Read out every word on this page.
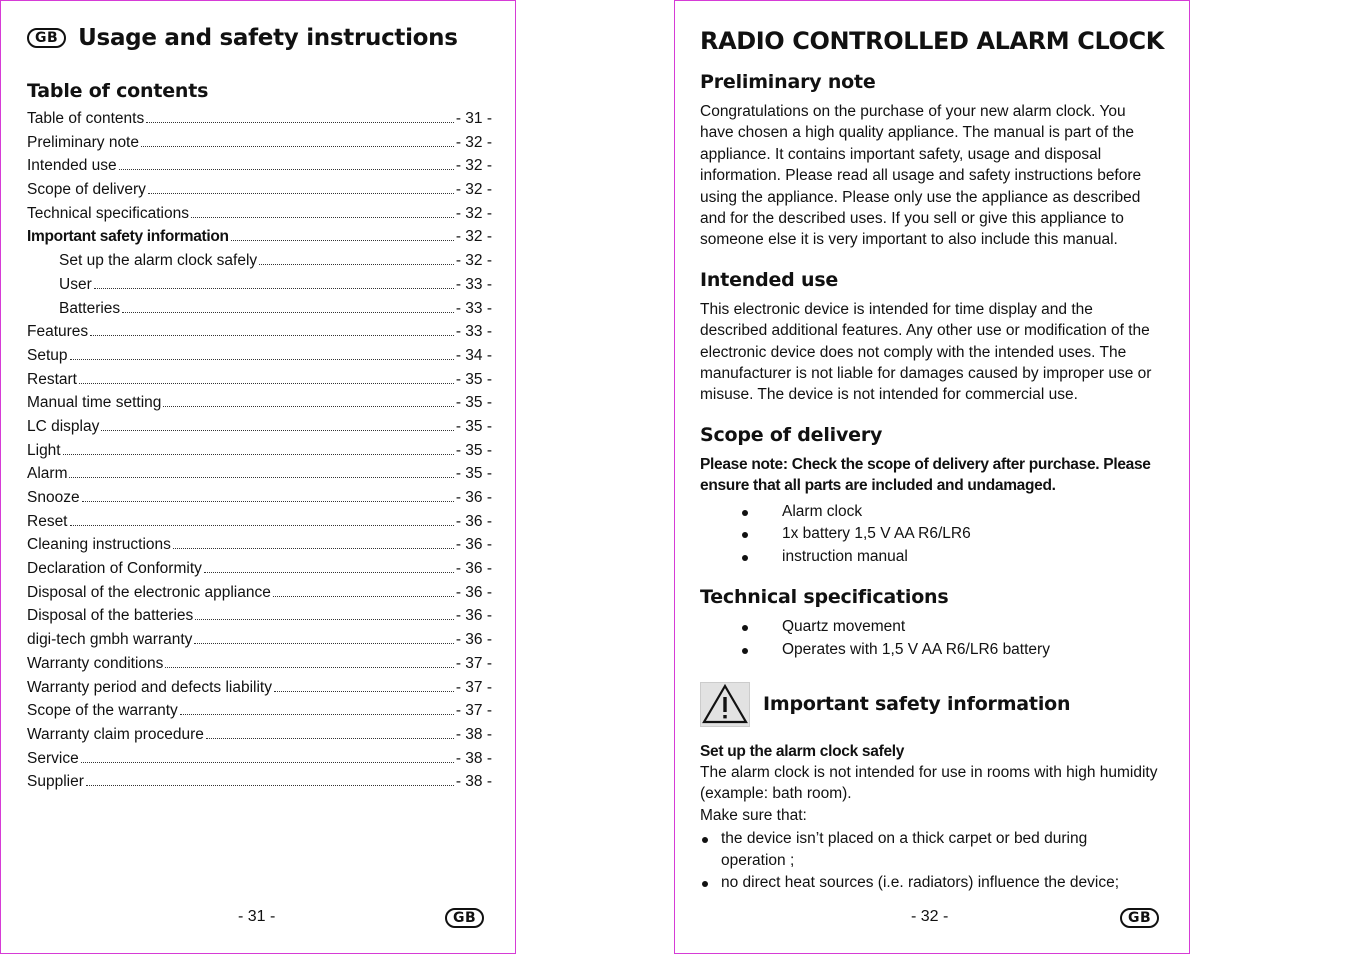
GB Usage and safety instructions
Table of contents
Table of contents	- 31 -
Preliminary note	- 32 -
Intended use	- 32 -
Scope of delivery	- 32 -
Technical specifications	- 32 -
Important safety information	- 32 -
Set up the alarm clock safely	- 32 -
User	- 33 -
Batteries	- 33 -
Features	- 33 -
Setup	- 34 -
Restart	- 35 -
Manual time setting	- 35 -
LC display	- 35 -
Light	- 35 -
Alarm	- 35 -
Snooze	- 36 -
Reset	- 36 -
Cleaning instructions	- 36 -
Declaration of Conformity	- 36 -
Disposal of the electronic appliance	- 36 -
Disposal of the batteries	- 36 -
digi-tech gmbh warranty	- 36 -
Warranty conditions	- 37 -
Warranty period and defects liability	- 37 -
Scope of the warranty	- 37 -
Warranty claim procedure	- 38 -
Service	- 38 -
Supplier	- 38 -
- 31 -	GB
RADIO CONTROLLED ALARM CLOCK
Preliminary note
Congratulations on the purchase of your new alarm clock. You
have chosen a high quality appliance. The manual is part of the
appliance. It contains important safety, usage and disposal
information. Please read all usage and safety instructions before
using the appliance. Please only use the appliance as described
and for the described uses. If you sell or give this appliance to
someone else it is very important to also include this manual.
Intended use
This electronic device is intended for time display and the
described additional features. Any other use or modification of the
electronic device does not comply with the intended uses. The
manufacturer is not liable for damages caused by improper use or
misuse. The device is not intended for commercial use.
Scope of delivery
Please note: Check the scope of delivery after purchase. Please
ensure that all parts are included and undamaged.
Alarm clock
1x battery 1,5 V AA R6/LR6
instruction manual
Technical specifications
Quartz movement
Operates with 1,5 V AA R6/LR6 battery
Important safety information
Set up the alarm clock safely
The alarm clock is not intended for use in rooms with high humidity
(example: bath room).
Make sure that:
the device isn’t placed on a thick carpet or bed during
operation ;
no direct heat sources (i.e. radiators) influence the device;
- 32 -	GB
